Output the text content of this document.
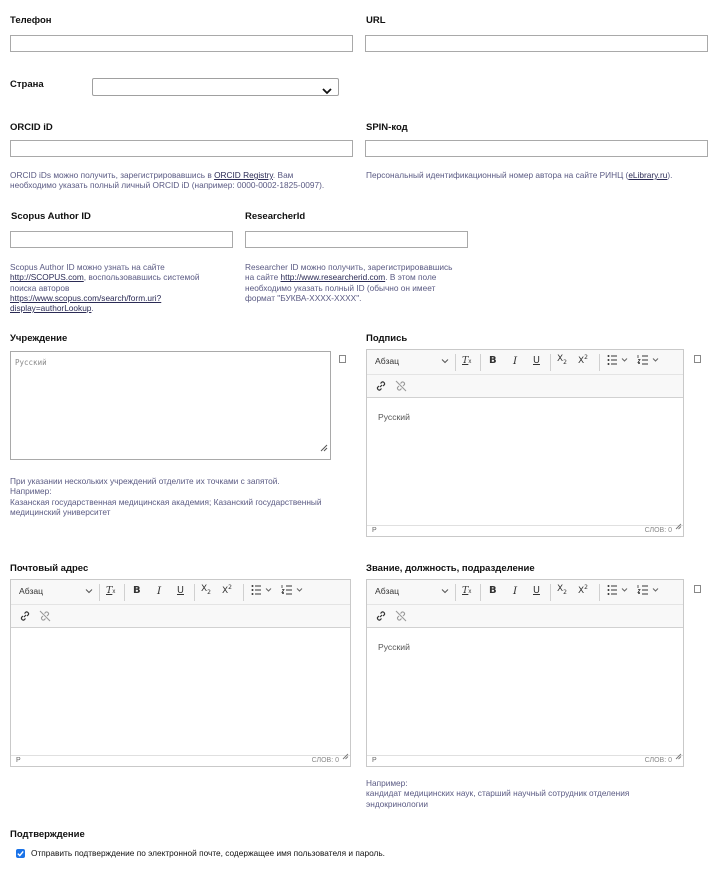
Телефон	URL
Страна
ORCID iD
ORCID iDs можно получить, зарегистрировавшись в ORCID Registry. Вам
необходимо указать полный личный ORCID iD (например: 0000-0002-1825-0097).
SPIN-код
Персональный идентификационный номер автора на сайте РИНЦ (eLibrary.ru).
Scopus Author ID
Scopus Author ID можно узнать на сайте
http://SCOPUS.com, воспользовавшись системой
поиска авторов
https://www.scopus.com/search/form.uri?
display=authorLookup.
ResearcherId
Researcher ID можно получить, зарегистрировавшись
на сайте http://www.researcherid.com. В этом поле
необходимо указать полный ID (обычно он имеет
формат "БУКВА-XXXX-XXXX".
Учреждение
Русский
При указании нескольких учреждений отделите их точками с запятой.
Например:
Казанская государственная медицинская академия; Казанский государственный
медицинский университет
Подпись
Абзац	Tx B I U $X_2$ $X^2$
Русский
P	СЛОВ: 0
Почтовый адрес
Абзац	Tx B I U $X_2$ $X^2$
P	СЛОВ: 0
Звание, должность, подразделение
Абзац	Tx B I U $X_2$ $X^2$
Русский
P	СЛОВ: 0
Например:
кандидат медицинских наук, старший научный сотрудник отделения
эндокринологии
Подтверждение
Отправить подтверждение по электронной почте, содержащее имя пользователя и пароль.
